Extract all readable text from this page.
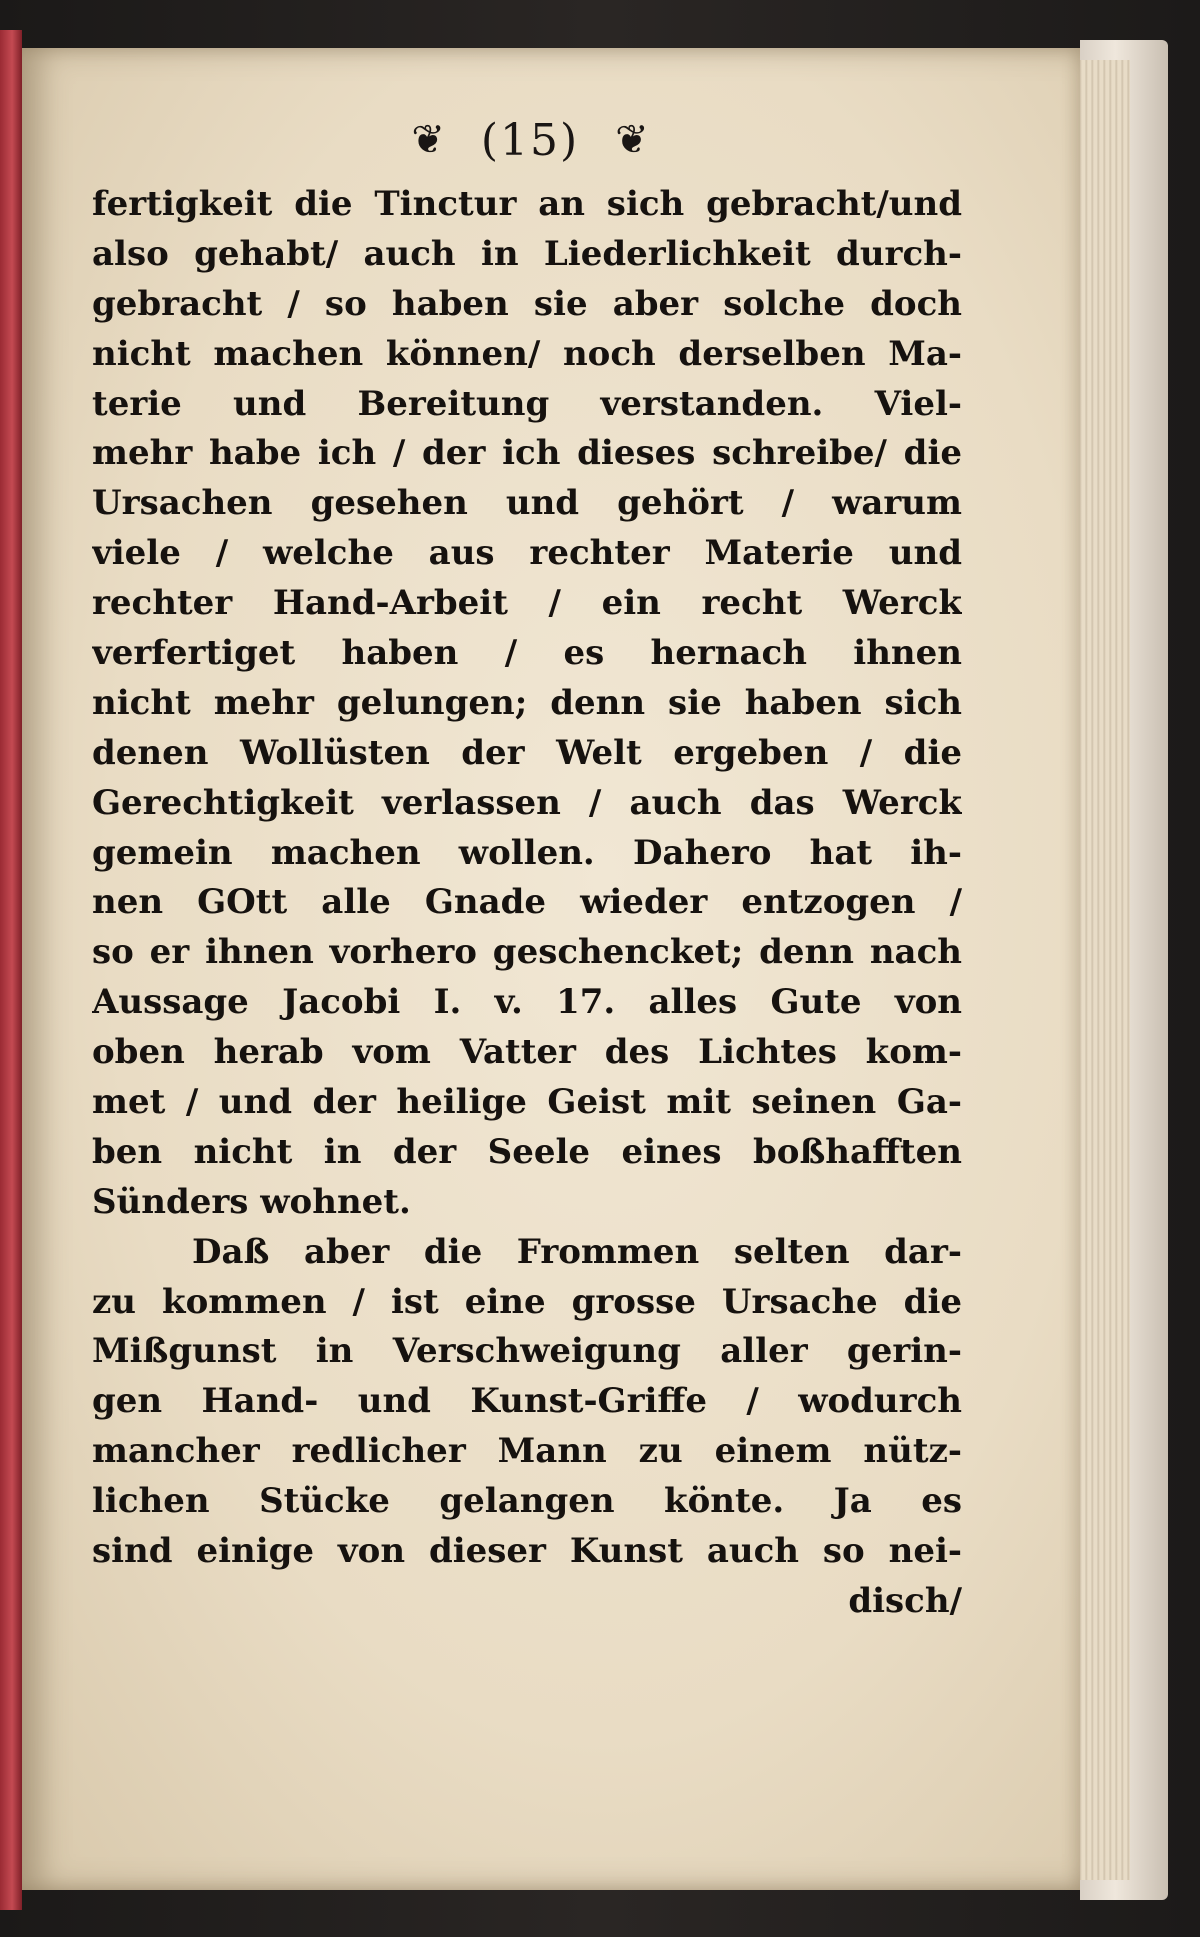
❦ (15) ❦
fertigkeit die Tinctur an sich gebracht/und
also gehabt/ auch in Liederlichkeit durch-
gebracht / so haben sie aber solche doch
nicht machen können/ noch derselben Ma-
terie und Bereitung verstanden. Viel-
mehr habe ich / der ich dieses schreibe/ die
Ursachen gesehen und gehört / warum
viele / welche aus rechter Materie und
rechter Hand-Arbeit / ein recht Werck
verfertiget haben / es hernach ihnen
nicht mehr gelungen; denn sie haben sich
denen Wollüsten der Welt ergeben / die
Gerechtigkeit verlassen / auch das Werck
gemein machen wollen. Dahero hat ih-
nen GOtt alle Gnade wieder entzogen /
so er ihnen vorhero geschencket; denn nach
Aussage Jacobi I. v. 17. alles Gute von
oben herab vom Vatter des Lichtes kom-
met / und der heilige Geist mit seinen Ga-
ben nicht in der Seele eines boßhafften
Sünders wohnet.
Daß aber die Frommen selten dar-
zu kommen / ist eine grosse Ursache die
Mißgunst in Verschweigung aller gerin-
gen Hand- und Kunst-Griffe / wodurch
mancher redlicher Mann zu einem nütz-
lichen Stücke gelangen könte. Ja es
sind einige von dieser Kunst auch so nei-
disch/
